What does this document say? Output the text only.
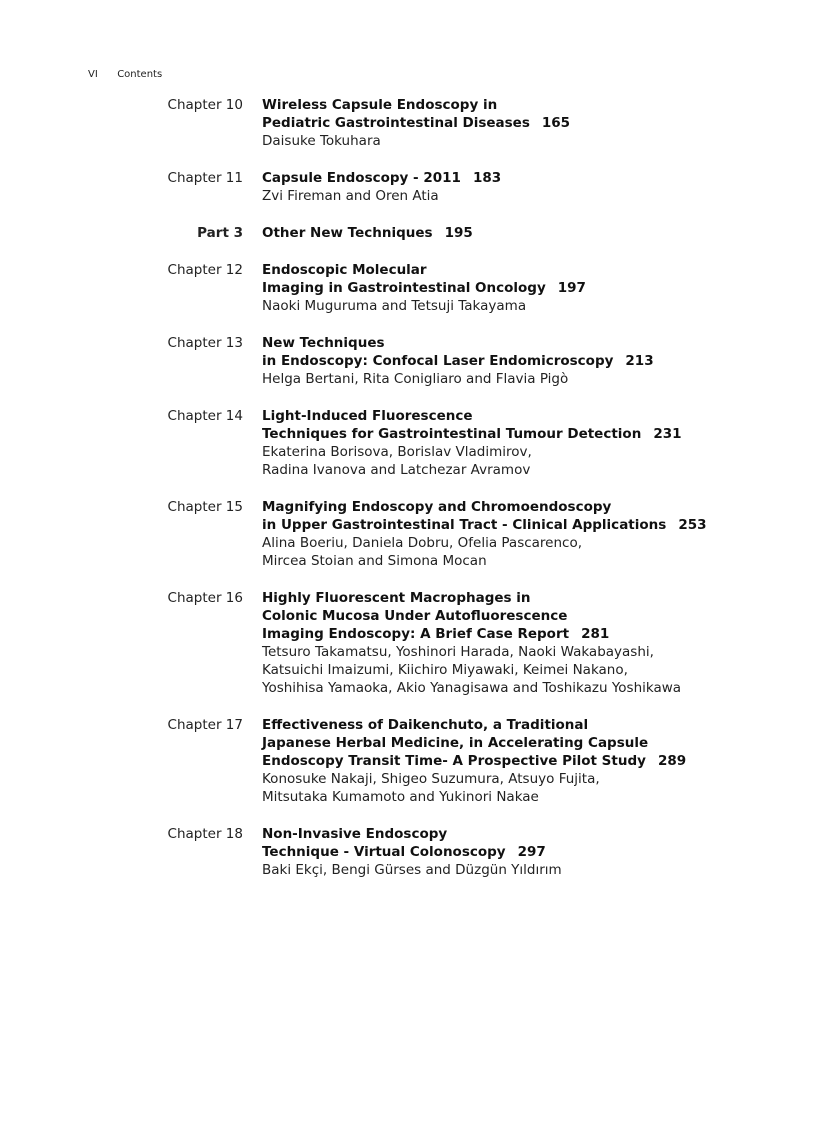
VI Contents
Chapter 10 Wireless Capsule Endoscopy in
Pediatric Gastrointestinal Diseases 165
Daisuke Tokuhara
Chapter 11 Capsule Endoscopy - 2011 183
Zvi Fireman and Oren Atia
Part 3 Other New Techniques 195
Chapter 12 Endoscopic Molecular
Imaging in Gastrointestinal Oncology 197
Naoki Muguruma and Tetsuji Takayama
Chapter 13 New Techniques
in Endoscopy: Confocal Laser Endomicroscopy 213
Helga Bertani, Rita Conigliaro and Flavia Pigò
Chapter 14 Light-Induced Fluorescence
Techniques for Gastrointestinal Tumour Detection 231
Ekaterina Borisova, Borislav Vladimirov,
Radina Ivanova and Latchezar Avramov
Chapter 15 Magnifying Endoscopy and Chromoendoscopy
in Upper Gastrointestinal Tract - Clinical Applications 253
Alina Boeriu, Daniela Dobru, Ofelia Pascarenco,
Mircea Stoian and Simona Mocan
Chapter 16 Highly Fluorescent Macrophages in
Colonic Mucosa Under Autofluorescence
Imaging Endoscopy: A Brief Case Report 281
Tetsuro Takamatsu, Yoshinori Harada, Naoki Wakabayashi,
Katsuichi Imaizumi, Kiichiro Miyawaki, Keimei Nakano,
Yoshihisa Yamaoka, Akio Yanagisawa and Toshikazu Yoshikawa
Chapter 17 Effectiveness of Daikenchuto, a Traditional
Japanese Herbal Medicine, in Accelerating Capsule
Endoscopy Transit Time- A Prospective Pilot Study 289
Konosuke Nakaji, Shigeo Suzumura, Atsuyo Fujita,
Mitsutaka Kumamoto and Yukinori Nakae
Chapter 18 Non-Invasive Endoscopy
Technique - Virtual Colonoscopy 297
Baki Ekçi, Bengi Gürses and Düzgün Yıldırım
